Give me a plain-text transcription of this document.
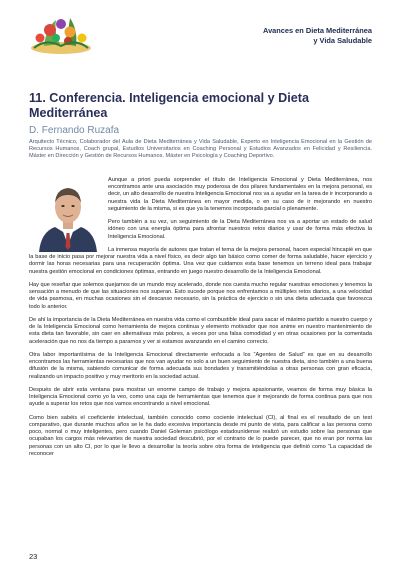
Avances en Dieta Mediterránea
y Vida Saludable
11. Conferencia. Inteligencia emocional y Dieta Mediterránea
D. Fernando Ruzafa

Arquitecto Técnico, Colaborador del Aula de Dieta Mediterránea y Vida Saludable, Experto en Inteligencia Emocional en la Gestión de Recursos Humanos, Coach grupal, Estudios Universitarios en Coaching Personal y Estudios Avanzados en Felicidad y Resiliencia. Máster en Dirección y Gestión de Recursos Humanos. Máster en Psicología y Coaching Deportivo.

Aunque a priori pueda sorprender el título de Inteligencia Emocional y Dieta Mediterránea, nos encontramos ante una asociación muy poderosa de dos pilares fundamentales en la mejora personal, es decir, un alto desarrollo de nuestra Inteligencia Emocional nos va a ayudar en la tarea de ir incorporando a nuestra vida la Dieta Mediterránea en mayor medida, o en su caso de ir mejorando en nuestro seguimiento de la misma, si es que ya la tenemos incorporada parcial o plenamente.

Pero también a su vez, un seguimiento de la Dieta Mediterránea nos va a aportar un estado de salud idóneo con una energía óptima para afrontar nuestros retos diarios y usar de forma más efectiva la Inteligencia Emocional.

La inmensa mayoría de autores que tratan el tema de la mejora personal, hacen especial hincapié en que la base de inicio pasa por mejorar nuestra vida a nivel físico, es decir algo tan básico como comer de forma saludable, hacer ejercicio y dormir las horas necesarias para una recuperación óptima. Una vez que cuidamos esta base tenemos un terreno ideal para trabajar nuestra gestión emocional en condiciones óptimas, entrando en juego nuestro desarrollo de la Inteligencia Emocional.

Hay que reseñar que solemos quejarnos de un mundo muy acelerado, donde nos cuesta mucho regular nuestras emociones y tenemos la sensación a menudo de que las situaciones nos superan. Esto sucede porque nos enfrentamos a múltiples retos diarios, a una velocidad de vida pasmosa, en muchas ocasiones sin el descanso necesario, sin la práctica de ejercicio o sin una dieta adecuada que favorezca todo lo anterior.

De ahí la importancia de la Dieta Mediterránea en nuestra vida como el combustible ideal para sacar el máximo partido a nuestro cuerpo y de la Inteligencia Emocional como herramienta de mejora continua y elemento motivador que nos anime en nuestro mantenimiento de esta dieta tan favorable, sin caer en alternativas más pobres, a veces por una falsa comodidad y en otras ocasiones por la comentada aceleración que no nos da tiempo a pararnos y ver si estamos avanzando en el camino correcto.

Otra labor importantísima de la Inteligencia Emocional directamente enfocada a los “Agentes de Salud” es que en su desarrollo encontramos las herramientas necesarias que nos van ayudar no solo a un buen seguimiento de nuestra dieta, sino también a una buena difusión de la misma, sabiendo comunicar de forma adecuada sus bondades y transmitiéndolas a otras personas con gran eficacia, realizando un impacto positivo y muy meritorio en la sociedad actual.

Después de abrir esta ventana para mostrar un enorme campo de trabajo y mejora apasionante, veamos de forma muy básica la Inteligencia Emocional como yo la veo, como una caja de herramientas que tenemos que ir mejorando de forma continua para que nos ayude a superar los retos que nos vamos encontrando a nivel emocional.

Como bien sabéis el coeficiente intelectual, también conocido como cociente intelectual (CI), al final es el resultado de un test comparativo, que durante muchos años se le ha dado excesiva importancia desde mi punto de vista, para calificar a las persona como poco, normal o muy inteligentes, pero cuando Daniel Goleman psicólogo estadounidense realizó un estudio sobre las personas que ocupaban los cargos más relevantes de nuestra sociedad descubrió, por el contrario de lo puede parecer, que no eran por norma las personas con un alto CI, por lo que le llevo a desarrollar la teoría sobre otra forma de inteligencia que definió como “La capacidad de reconocer

23
